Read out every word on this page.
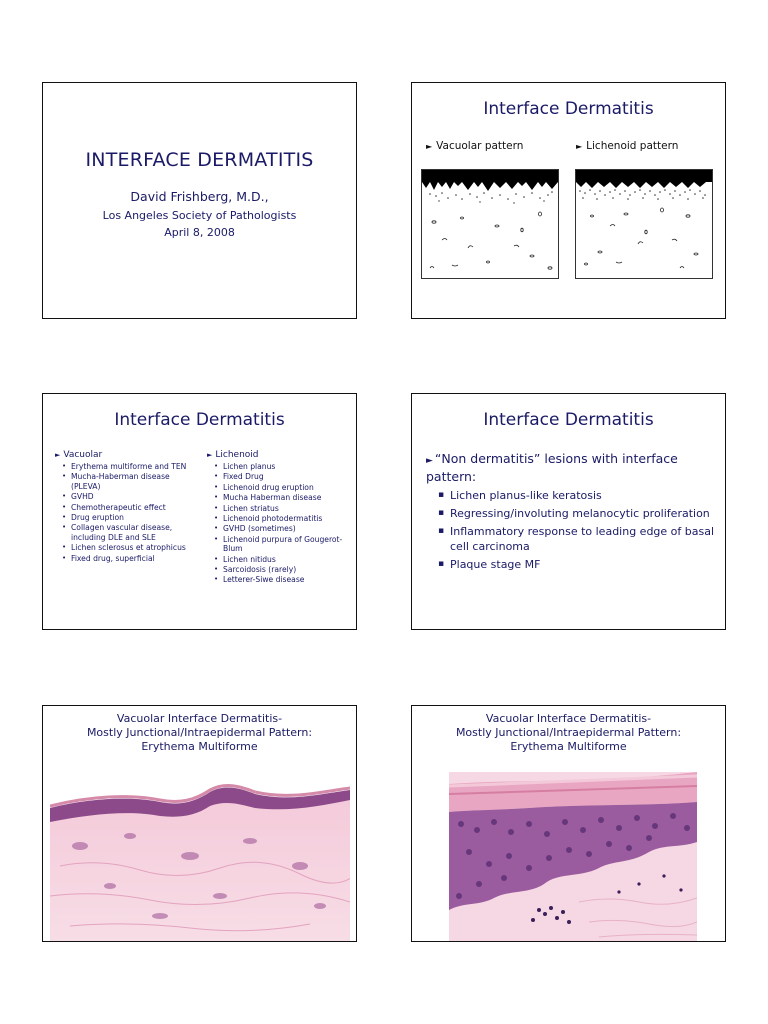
INTERFACE DERMATITIS
David Frishberg, M.D.,
Los Angeles Society of Pathologists
April 8, 2008
Interface Dermatitis
► Vacuolar pattern	► Lichenoid pattern
Interface Dermatitis
► Vacuolar
• Erythema multiforme and TEN
• Mucha-Haberman disease (PLEVA)
• GVHD
• Chemotherapeutic effect
• Drug eruption
• Collagen vascular disease, including DLE and SLE
• Lichen sclerosus et atrophicus
• Fixed drug, superficial
► Lichenoid
• Lichen planus
• Fixed Drug
• Lichenoid drug eruption
• Mucha Haberman disease
• Lichen striatus
• Lichenoid photodermatitis
• GVHD (sometimes)
• Lichenoid purpura of Gougerot-Blum
• Lichen nitidus
• Sarcoidosis (rarely)
• Letterer-Siwe disease
Interface Dermatitis
► “Non dermatitis” lesions with interface pattern:
▪ Lichen planus-like keratosis
▪ Regressing/involuting melanocytic proliferation
▪ Inflammatory response to leading edge of basal cell carcinoma
▪ Plaque stage MF
Vacuolar Interface Dermatitis-
Mostly Junctional/Intraepidermal Pattern:
Erythema Multiforme
Vacuolar Interface Dermatitis-
Mostly Junctional/Intraepidermal Pattern:
Erythema Multiforme
